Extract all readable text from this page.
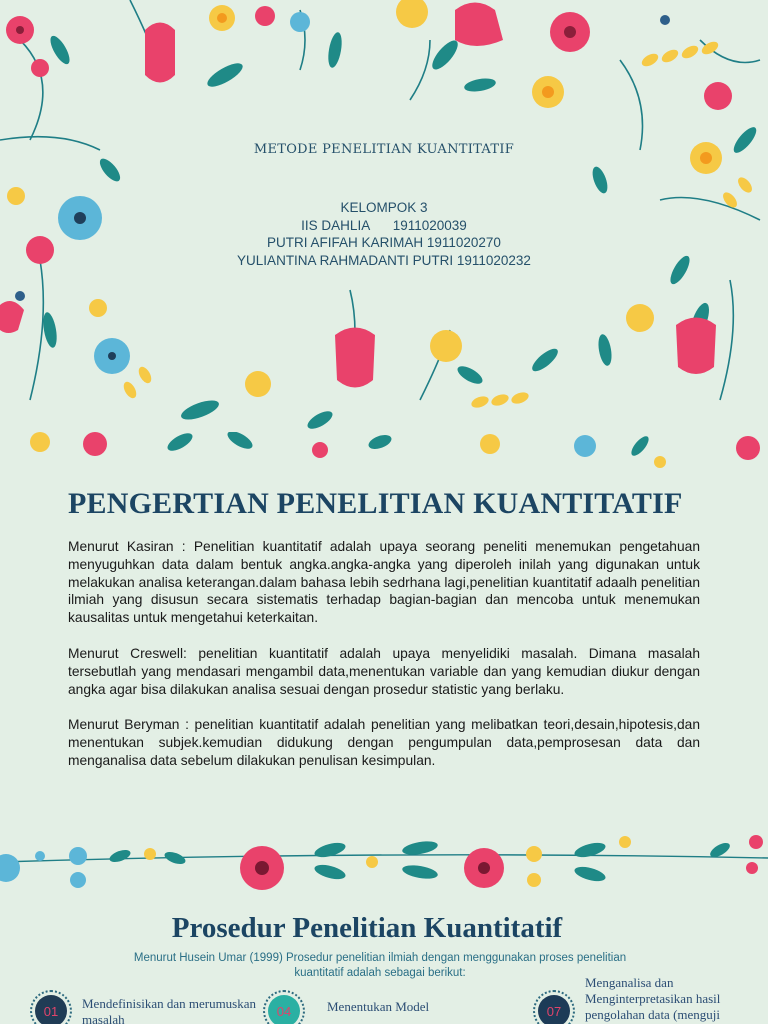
METODE PENELITIAN KUANTITATIF
KELOMPOK 3
IIS DAHLIA 1911020039
PUTRI AFIFAH KARIMAH 1911020270
YULIANTINA RAHMADANTI PUTRI 1911020232
PENGERTIAN PENELITIAN KUANTITATIF

Menurut Kasiran : Penelitian kuantitatif adalah upaya seorang peneliti menemukan pengetahuan menyuguhkan data dalam bentuk angka.angka-angka yang diperoleh inilah yang digunakan untuk melakukan analisa keterangan.dalam bahasa lebih sedrhana lagi,penelitian kuantitatif adaalh penelitian ilmiah yang disusun secara sistematis terhadap bagian-bagian dan mencoba untuk menemukan kausalitas untuk mengetahui keterkaitan.

Menurut Creswell: penelitian kuantitatif adalah upaya menyelidiki masalah. Dimana masalah tersebutlah yang mendasari mengambil data,menentukan variable dan yang kemudian diukur dengan angka agar bisa dilakukan analisa sesuai dengan prosedur statistic yang berlaku.

Menurut Beryman : penelitian kuantitatif adalah penelitian yang melibatkan teori,desain,hipotesis,dan menentukan subjek.kemudian didukung dengan pengumpulan data,pemprosesan data dan menganalisa data sebelum dilakukan penulisan kesimpulan.

Prosedur Penelitian Kuantitatif

Menurut Husein Umar (1999) Prosedur penelitian ilmiah dengan menggunakan proses penelitian kuantitatif adalah sebagai berikut:

01	Mendefinisikan dan merumuskan masalah
04	Menentukan Model	07
Menganalisa dan Menginterpretasikan hasil pengolahan data (menguji
